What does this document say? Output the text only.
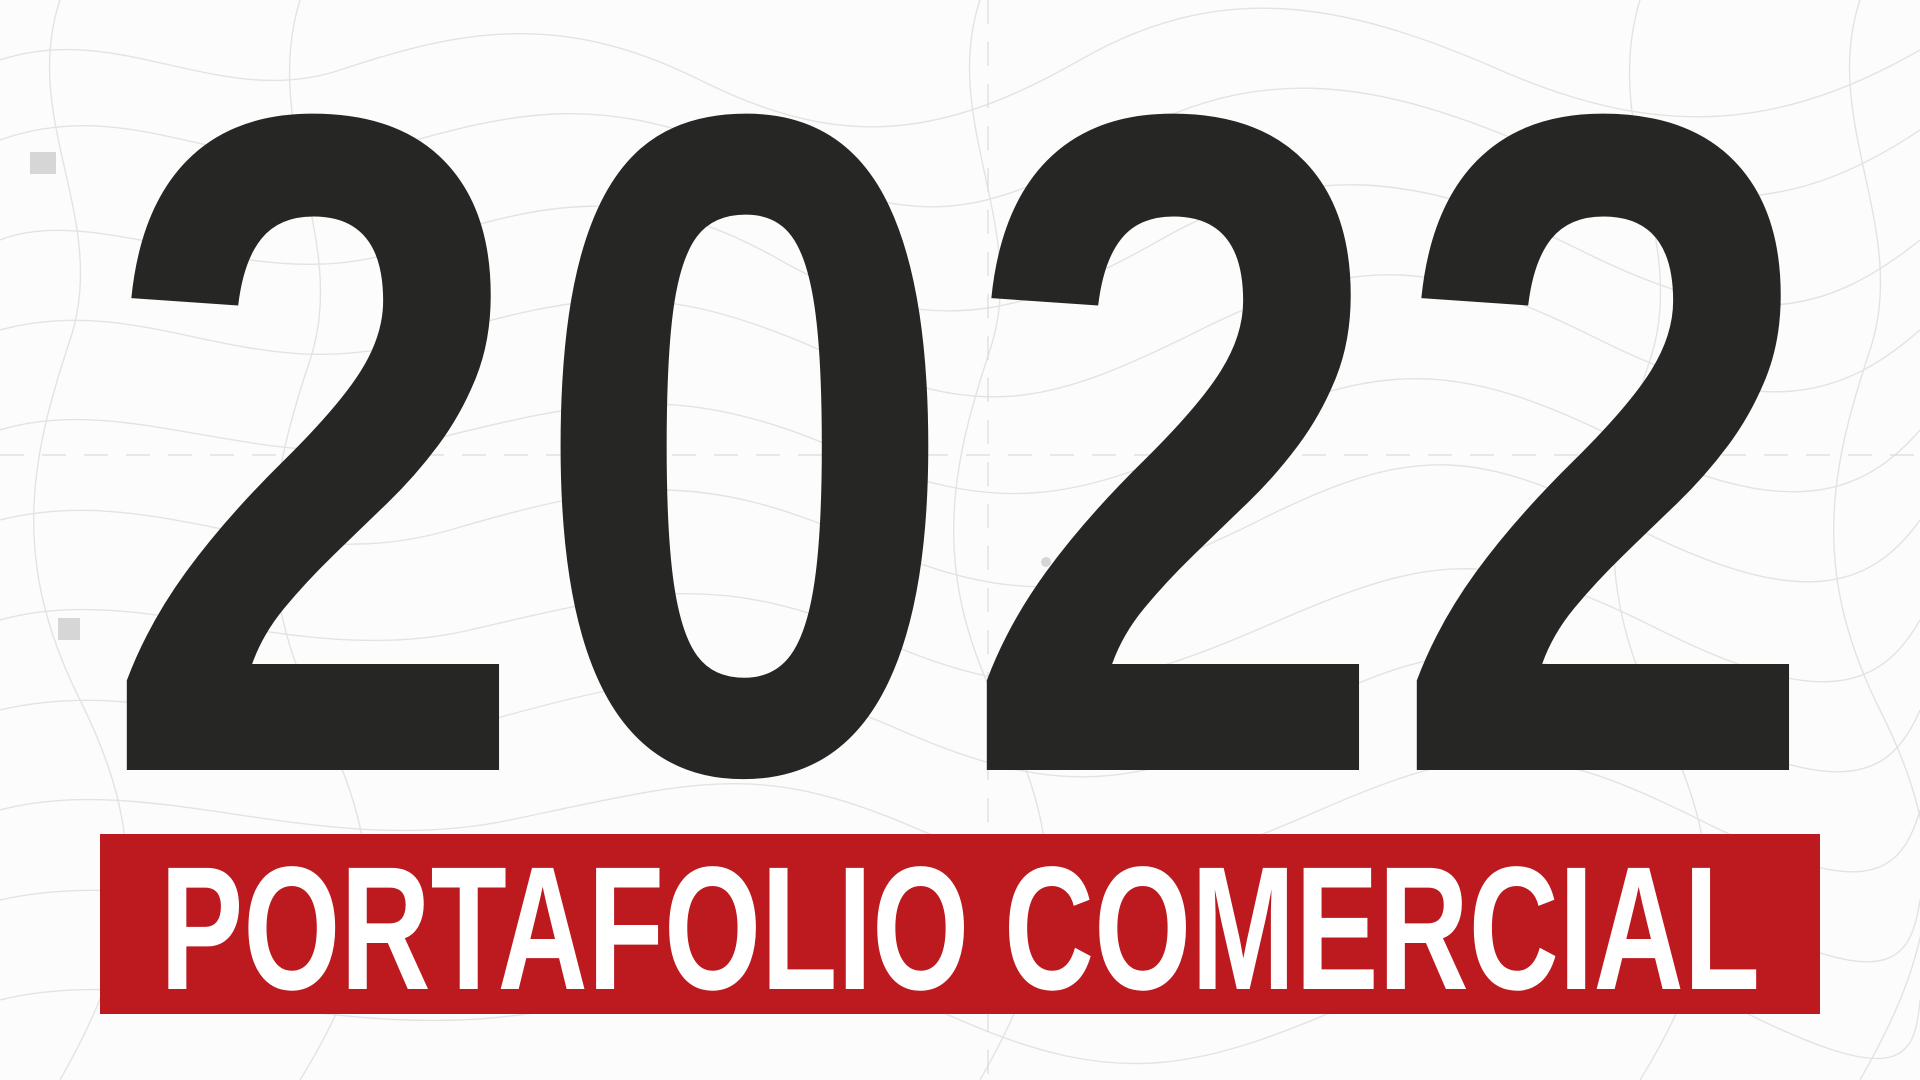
2022
PORTAFOLIO COMERCIAL
